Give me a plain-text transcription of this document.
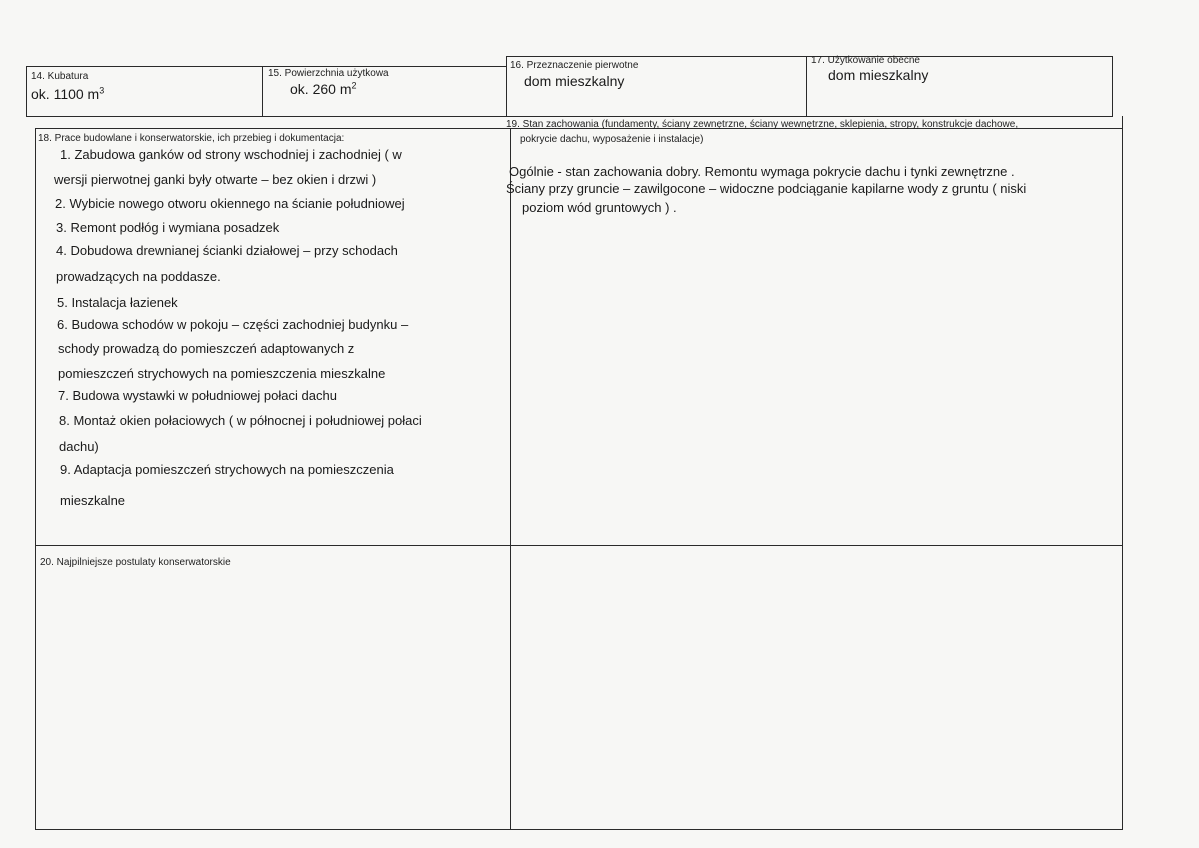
14. Kubatura
ok. 1100 $m^3$
15. Powierzchnia użytkowa
ok. 260 $m^2$
16. Przeznaczenie pierwotne
dom mieszkalny
17. Użytkowanie obecne
dom mieszkalny
18. Prace budowlane i konserwatorskie, ich przebieg i dokumentacja:
1. Zabudowa ganków od strony wschodniej i zachodniej ( w
wersji pierwotnej ganki były otwarte – bez okien i drzwi )
2. Wybicie nowego otworu okiennego na ścianie południowej
3. Remont podłóg i wymiana posadzek
4. Dobudowa drewnianej ścianki działowej – przy schodach
prowadzących na poddasze.
5. Instalacja łazienek
6. Budowa schodów w pokoju – części zachodniej budynku –
schody prowadzą do pomieszczeń adaptowanych z
pomieszczeń strychowych na pomieszczenia mieszkalne
7. Budowa wystawki w południowej połaci dachu
8. Montaż okien połaciowych ( w północnej i południowej połaci
dachu)
9. Adaptacja pomieszczeń strychowych na pomieszczenia
mieszkalne
19. Stan zachowania (fundamenty, ściany zewnętrzne, ściany wewnętrzne, sklepienia, stropy, konstrukcje dachowe,
pokrycie dachu, wyposażenie i instalacje)
Ogólnie - stan zachowania dobry. Remontu wymaga pokrycie dachu i tynki zewnętrzne .
Ściany przy gruncie – zawilgocone – widoczne podciąganie kapilarne wody z gruntu ( niski
poziom wód gruntowych ) .
20. Najpilniejsze postulaty konserwatorskie
